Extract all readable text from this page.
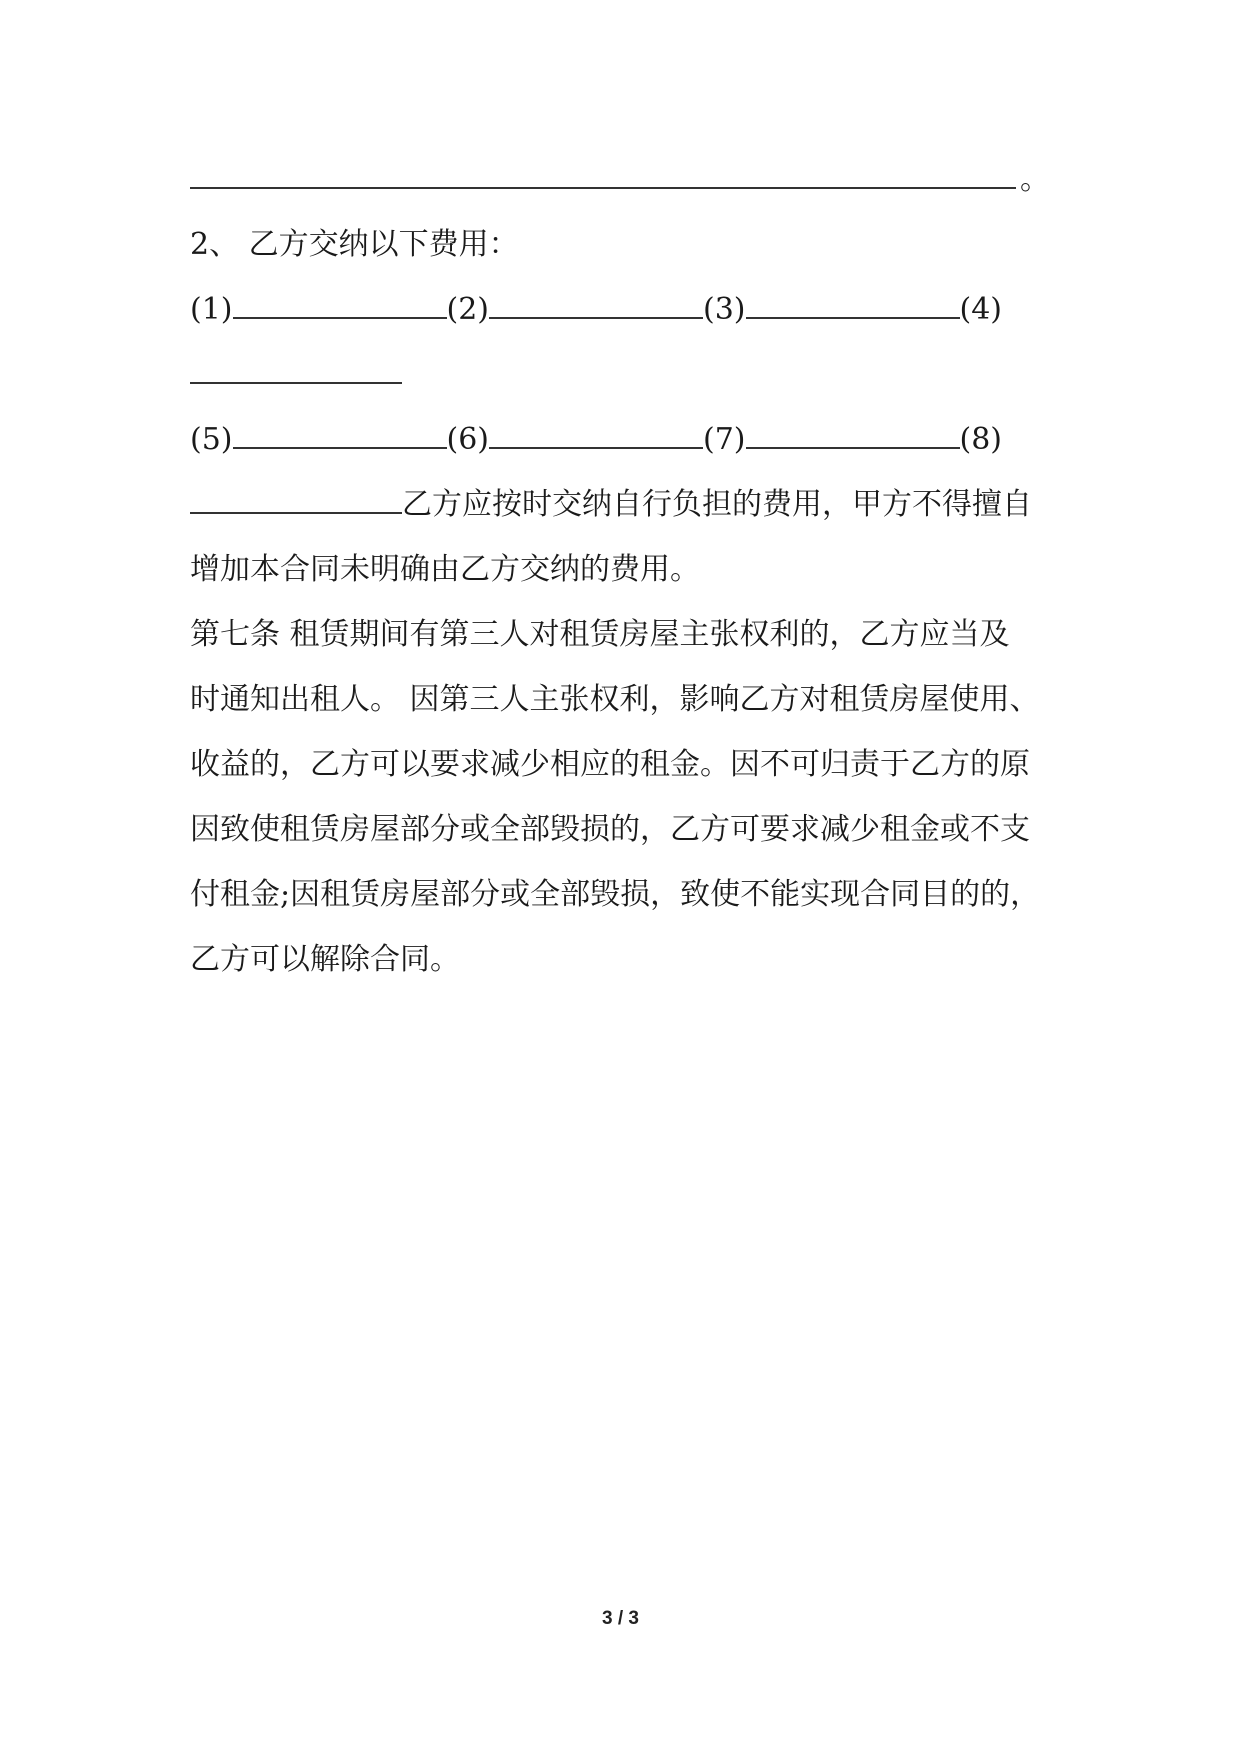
。
2、 乙方交纳以下费用：
(1)	(2)	(3)	(4)
(5)	(6)	(7)	(8)
乙方应按时交纳自行负担的费用，甲方不得擅自
增加本合同未明确由乙方交纳的费用。
第七条 租赁期间有第三人对租赁房屋主张权利的，乙方应当及
时通知出租人。 因第三人主张权利，影响乙方对租赁房屋使用、
收益的，乙方可以要求减少相应的租金。因不可归责于乙方的原
因致使租赁房屋部分或全部毁损的，乙方可要求减少租金或不支
付租金;因租赁房屋部分或全部毁损，致使不能实现合同目的的，
乙方可以解除合同。
3 / 3
